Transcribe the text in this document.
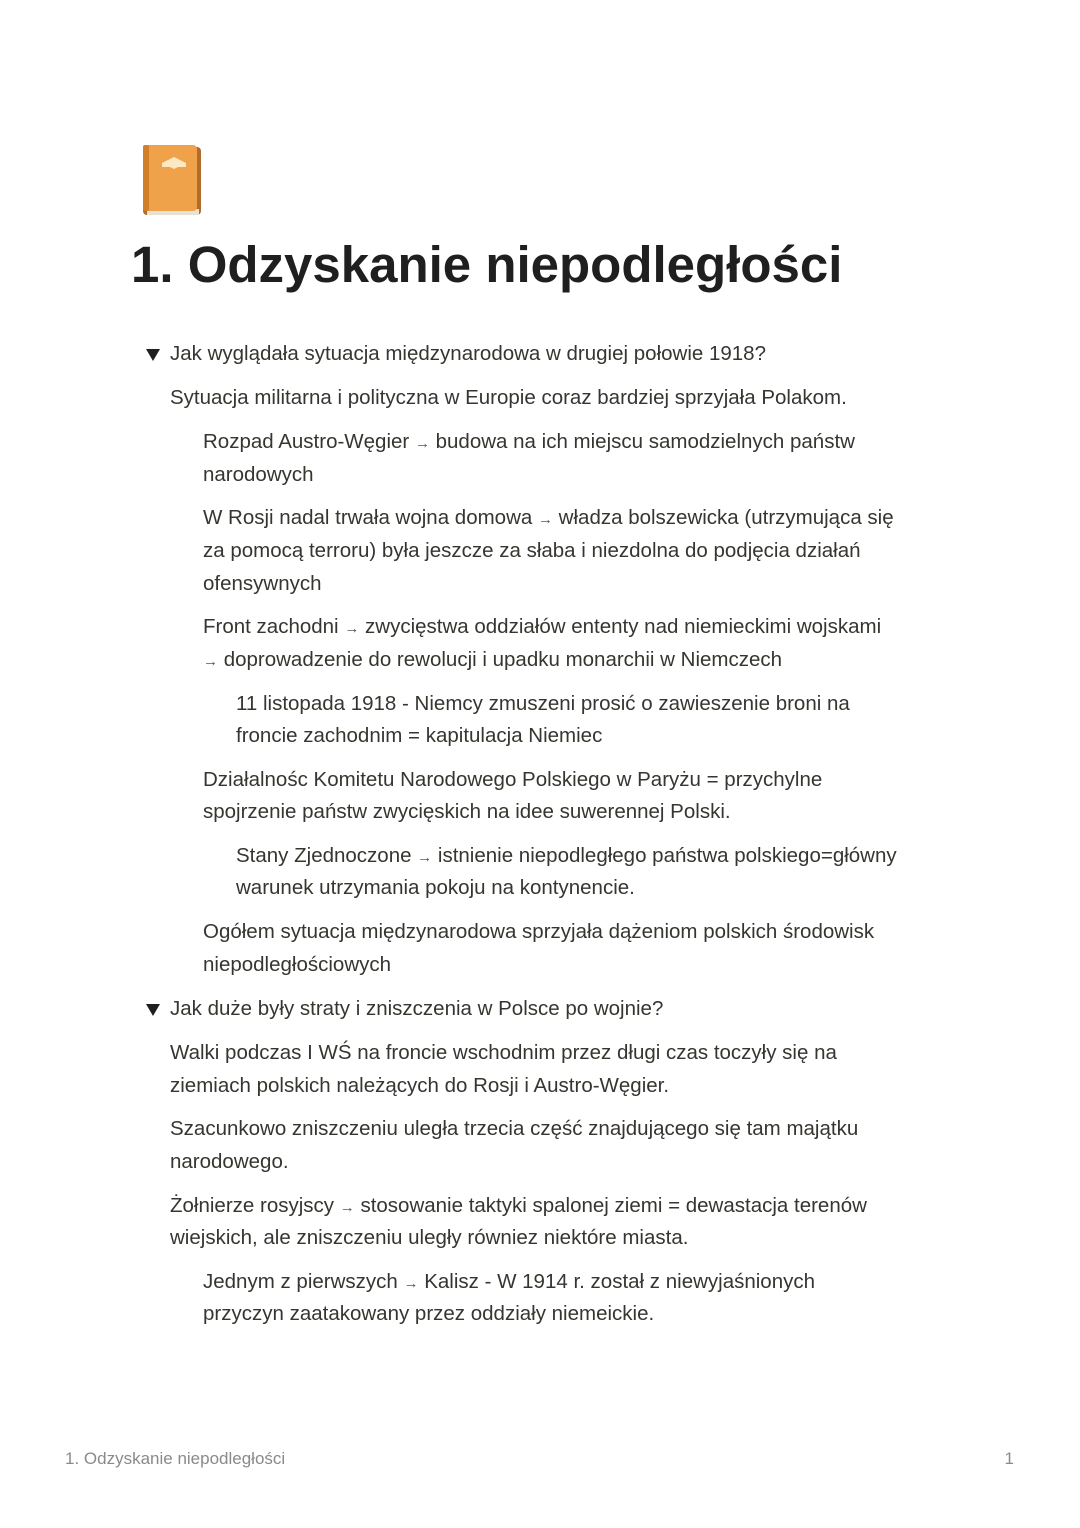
1. Odzyskanie niepodległości
Jak wyglądała sytuacja międzynarodowa w drugiej połowie 1918?
Sytuacja militarna i polityczna w Europie coraz bardziej sprzyjała Polakom.
Rozpad Austro-Węgier → budowa na ich miejscu samodzielnych państw
narodowych
W Rosji nadal trwała wojna domowa → władza bolszewicka (utrzymująca się
za pomocą terroru) była jeszcze za słaba i niezdolna do podjęcia działań
ofensywnych
Front zachodni → zwycięstwa oddziałów ententy nad niemieckimi wojskami
→ doprowadzenie do rewolucji i upadku monarchii w Niemczech
11 listopada 1918 - Niemcy zmuszeni prosić o zawieszenie broni na
froncie zachodnim = kapitulacja Niemiec
Działalnośc Komitetu Narodowego Polskiego w Paryżu = przychylne
spojrzenie państw zwycięskich na idee suwerennej Polski.
Stany Zjednoczone → istnienie niepodległego państwa polskiego=główny
warunek utrzymania pokoju na kontynencie.
Ogółem sytuacja międzynarodowa sprzyjała dążeniom polskich środowisk
niepodległościowych
Jak duże były straty i zniszczenia w Polsce po wojnie?
Walki podczas I WŚ na froncie wschodnim przez długi czas toczyły się na
ziemiach polskich należących do Rosji i Austro-Węgier.
Szacunkowo zniszczeniu uległa trzecia część znajdującego się tam majątku
narodowego.
Żołnierze rosyjscy → stosowanie taktyki spalonej ziemi = dewastacja terenów
wiejskich, ale zniszczeniu uległy równiez niektóre miasta.
Jednym z pierwszych → Kalisz - W 1914 r. został z niewyjaśnionych
przyczyn zaatakowany przez oddziały niemeickie.
1. Odzyskanie niepodległości	1
